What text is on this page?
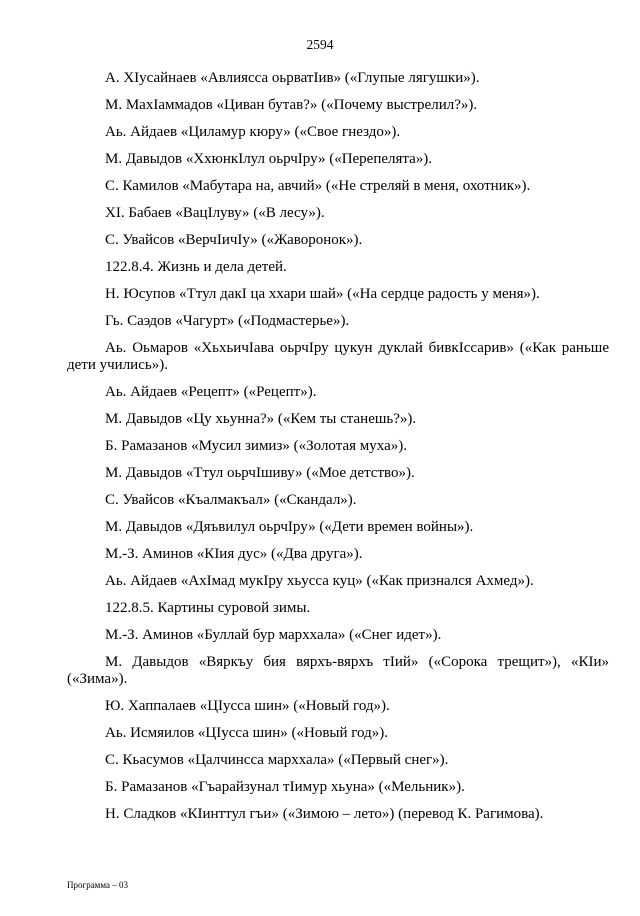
2594

А. ХIусайнаев «Авлиясса оьрватIив» («Глупые лягушки»).

М. МахIаммадов «Циван бутав?» («Почему выстрелил?»).

Аь. Айдаев «Циламур кюру» («Свое гнездо»).

М. Давыдов «ХхюнкIлул оьрчIру» («Перепелята»).

С. Камилов «Мабутара на, авчий» («Не стреляй в меня, охотник»).

ХI. Бабаев «ВацIлуву» («В лесу»).

С. Увайсов «ВерчIичIу» («Жаворонок»).

122.8.4. Жизнь и дела детей.

Н. Юсупов «Ттул дакI ца ххари шай» («На сердце радость у меня»).

Гь. Саэдов «Чагурт» («Подмастерье»).

Аь. Оьмаров «ХьхьичIава оьрчIру цукун дуклай бивкIссарив» («Как раньше дети учились»).

Аь. Айдаев «Рецепт» («Рецепт»).

М. Давыдов «Цу хьунна?» («Кем ты станешь?»).

Б. Рамазанов «Мусил зимиз» («Золотая муха»).

М. Давыдов «Ттул оьрчIшиву» («Мое детство»).

С. Увайсов «Къалмакъал» («Скандал»).

М. Давыдов «Дяъвилул оьрчIру» («Дети времен войны»).

М.-З. Аминов «КIия дус» («Два друга»).

Аь. Айдаев «АхIмад мукIру хьусса куц» («Как признался Ахмед»).

122.8.5. Картины суровой зимы.

М.-З. Аминов «Буллай бур марххала» («Снег идет»).

М. Давыдов «Вяркъу бия вярхъ-вярхъ тIий» («Сорока трещит»), «КIи» («Зима»).

Ю. Хаппалаев «ЦIусса шин» («Новый год»).

Аь. Исмяилов «ЦIусса шин» («Новый год»).

С. Кьасумов «Цалчинсса марххала» («Первый снег»).

Б. Рамазанов «Гъарайзунал тIимур хьуна» («Мельник»).

Н. Сладков «КIинттул гъи» («Зимою – лето») (перевод К. Рагимова).

Программа – 03
